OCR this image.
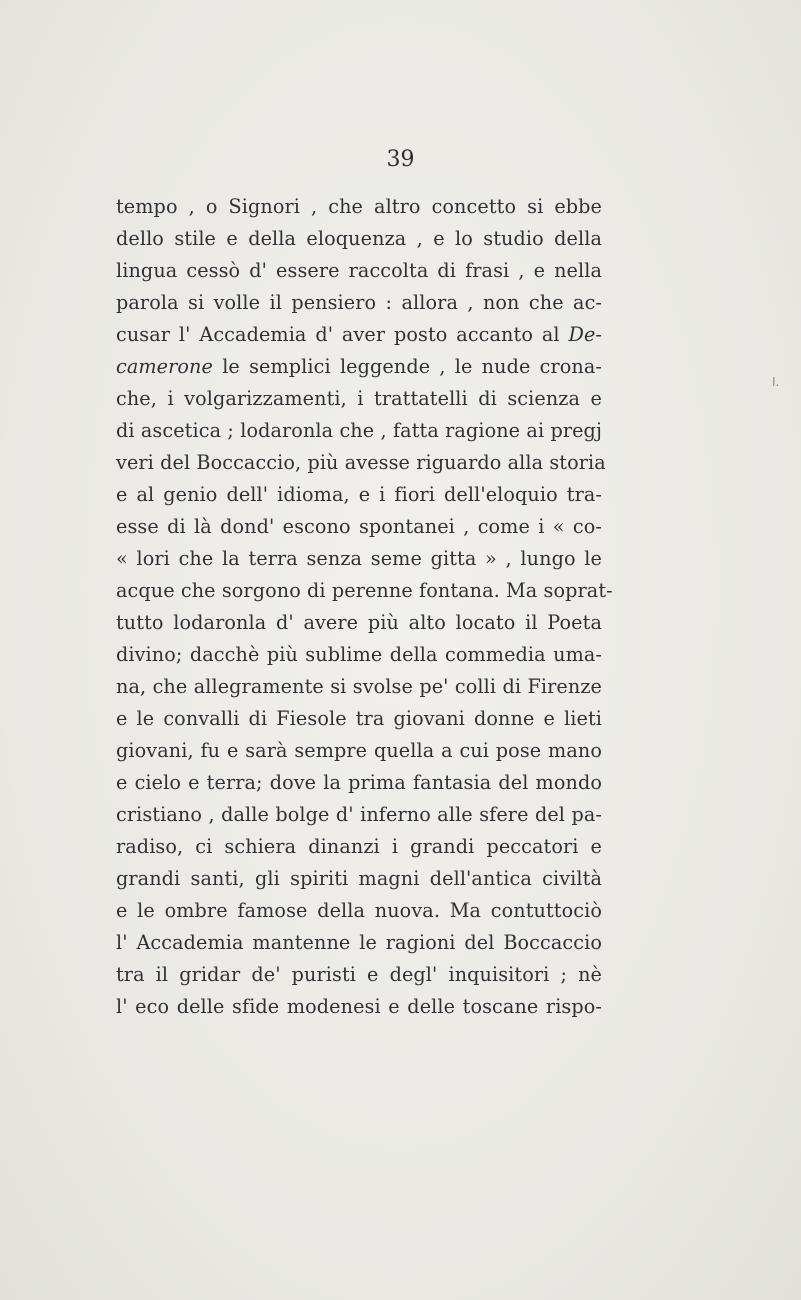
39
tempo , o Signori , che altro concetto si ebbe
dello stile e della eloquenza , e lo studio della
lingua cessò d' essere raccolta di frasi , e nella
parola si volle il pensiero : allora , non che ac-
cusar l' Accademia d' aver posto accanto al De-
camerone le semplici leggende , le nude crona-
che, i volgarizzamenti, i trattatelli di scienza e
di ascetica ; lodaronla che , fatta ragione ai pregj
veri del Boccaccio, più avesse riguardo alla storia
e al genio dell' idioma, e i fiori dell'eloquio tra-
esse di là dond' escono spontanei , come i « co-
« lori che la terra senza seme gitta » , lungo le
acque che sorgono di perenne fontana. Ma soprat-
tutto lodaronla d' avere più alto locato il Poeta
divino; dacchè più sublime della commedia uma-
na, che allegramente si svolse pe' colli di Firenze
e le convalli di Fiesole tra giovani donne e lieti
giovani, fu e sarà sempre quella a cui pose mano
e cielo e terra; dove la prima fantasia del mondo
cristiano , dalle bolge d' inferno alle sfere del pa-
radiso, ci schiera dinanzi i grandi peccatori e
grandi santi, gli spiriti magni dell'antica civiltà
e le ombre famose della nuova. Ma contuttociò
l' Accademia mantenne le ragioni del Boccaccio
tra il gridar de' puristi e degl' inquisitori ; nè
l' eco delle sfide modenesi e delle toscane rispo-
I.
